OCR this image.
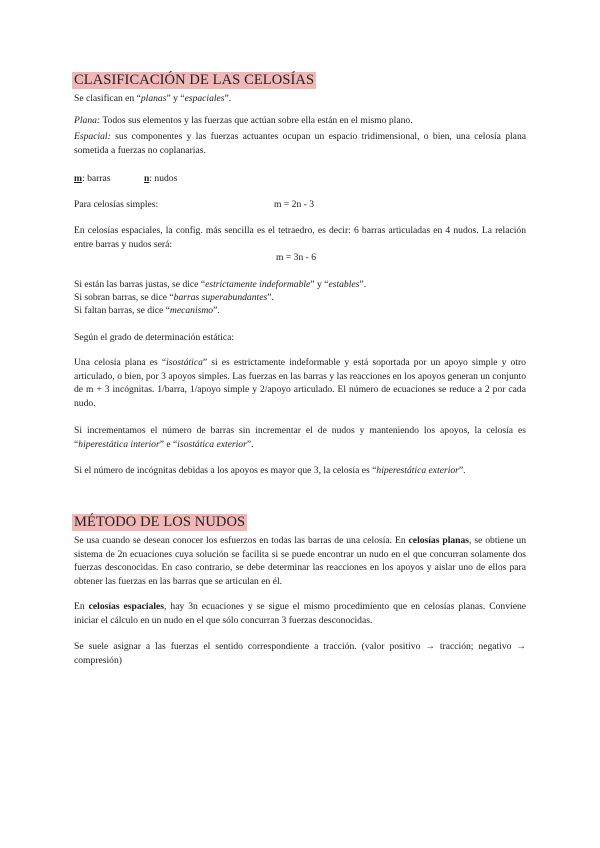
CLASIFICACIÓN DE LAS CELOSÍAS
Se clasifican en “planas” y “espaciales”.
Plana: Todos sus elementos y las fuerzas que actúan sobre ella están en el mismo plano.
Espacial: sus componentes y las fuerzas actuantes ocupan un espacio tridimensional, o bien, una celosía plana sometida a fuerzas no coplanarias.
m: barras	n: nudos
Para celosías simples:	m = 2n - 3
En celosías espaciales, la config. más sencilla es el tetraedro, es decir: 6 barras articuladas en 4 nudos. La relación entre barras y nudos será:
m = 3n - 6
Si están las barras justas, se dice “estrictamente indeformable” y “estables”.
Si sobran barras, se dice “barras superabundantes”.
Si faltan barras, se dice “mecanismo”.
Según el grado de determinación estática:
Una celosía plana es “isostática” si es estrictamente indeformable y está soportada por un apoyo simple y otro articulado, o bien, por 3 apoyos simples. Las fuerzas en las barras y las reacciones en los apoyos generan un conjunto de m + 3 incógnitas. 1/barra, 1/apoyo simple y 2/apoyo articulado. El número de ecuaciones se reduce a 2 por cada nudo.
Si incrementamos el número de barras sin incrementar el de nudos y manteniendo los apoyos, la celosía es “hiperestática interior” e “isostática exterior”.
Si el número de incógnitas debidas a los apoyos es mayor que 3, la celosía es “hiperestática exterior”.
MÉTODO DE LOS NUDOS
Se usa cuando se desean conocer los esfuerzos en todas las barras de una celosía. En celosías planas, se obtiene un sistema de 2n ecuaciones cuya solución se facilita si se puede encontrar un nudo en el que concurran solamente dos fuerzas desconocidas. En caso contrario, se debe determinar las reacciones en los apoyos y aislar uno de ellos para obtener las fuerzas en las barras que se articulan en él.
En celosías espaciales, hay 3n ecuaciones y se sigue el mismo procedimiento que en celosías planas. Conviene iniciar el cálculo en un nudo en el que sólo concurran 3 fuerzas desconocidas.
Se suele asignar a las fuerzas el sentido correspondiente a tracción. (valor positivo → tracción; negativo → compresión)
